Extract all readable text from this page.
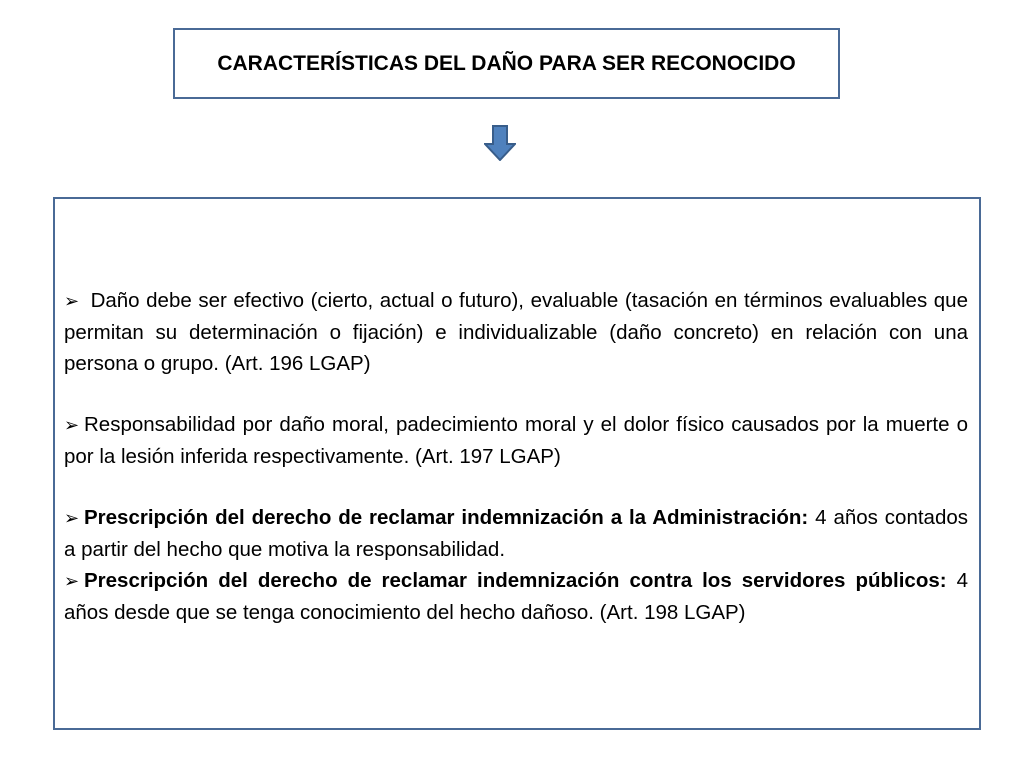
CARACTERÍSTICAS DEL DAÑO PARA SER RECONOCIDO

➢ Daño debe ser efectivo (cierto, actual o futuro), evaluable (tasación en términos evaluables que permitan su determinación o fijación) e individualizable (daño concreto) en relación con una persona o grupo. (Art. 196 LGAP)

➢ Responsabilidad por daño moral, padecimiento moral y el dolor físico causados por la muerte o por la lesión inferida respectivamente. (Art. 197 LGAP)

➢ Prescripción del derecho de reclamar indemnización a la Administración: 4 años contados a partir del hecho que motiva la responsabilidad.

➢ Prescripción del derecho de reclamar indemnización contra los servidores públicos: 4 años desde que se tenga conocimiento del hecho dañoso. (Art. 198 LGAP)
